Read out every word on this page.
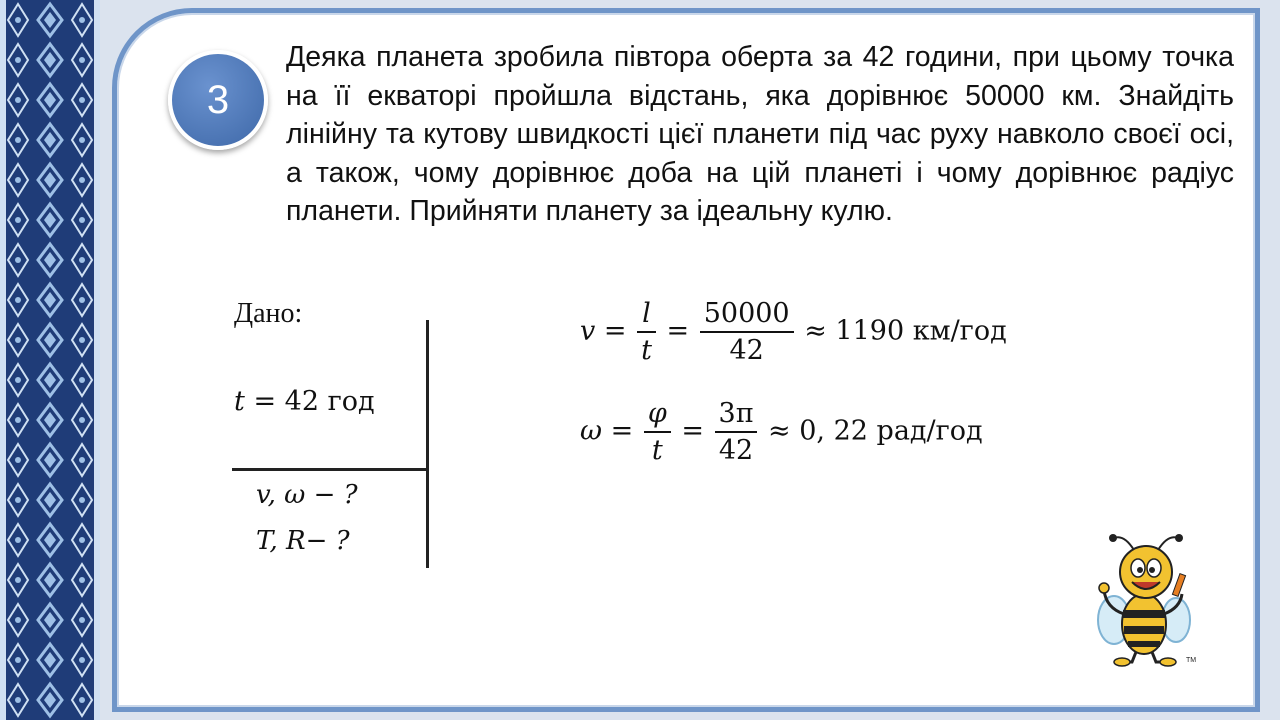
3

Деяка планета зробила півтора оберта за 42 години, при цьому точка на її екваторі пройшла відстань, яка дорівнює 50000 км. Знайдіть лінійну та кутову швидкості цієї планети під час руху навколо своєї осі, а також, чому дорівнює доба на цій планеті і чому дорівнює радіус планети. Прийняти планету за ідеальну кулю.

Дано:
t = 42 год
v, ω − ?
T, R− ?
$v = \frac{l}{t} = \frac{50000}{42} \approx 1190$ км/год
$\omega = \frac{\varphi}{t} = \frac{3\pi}{42} \approx 0$, 22 рад/год
TM
